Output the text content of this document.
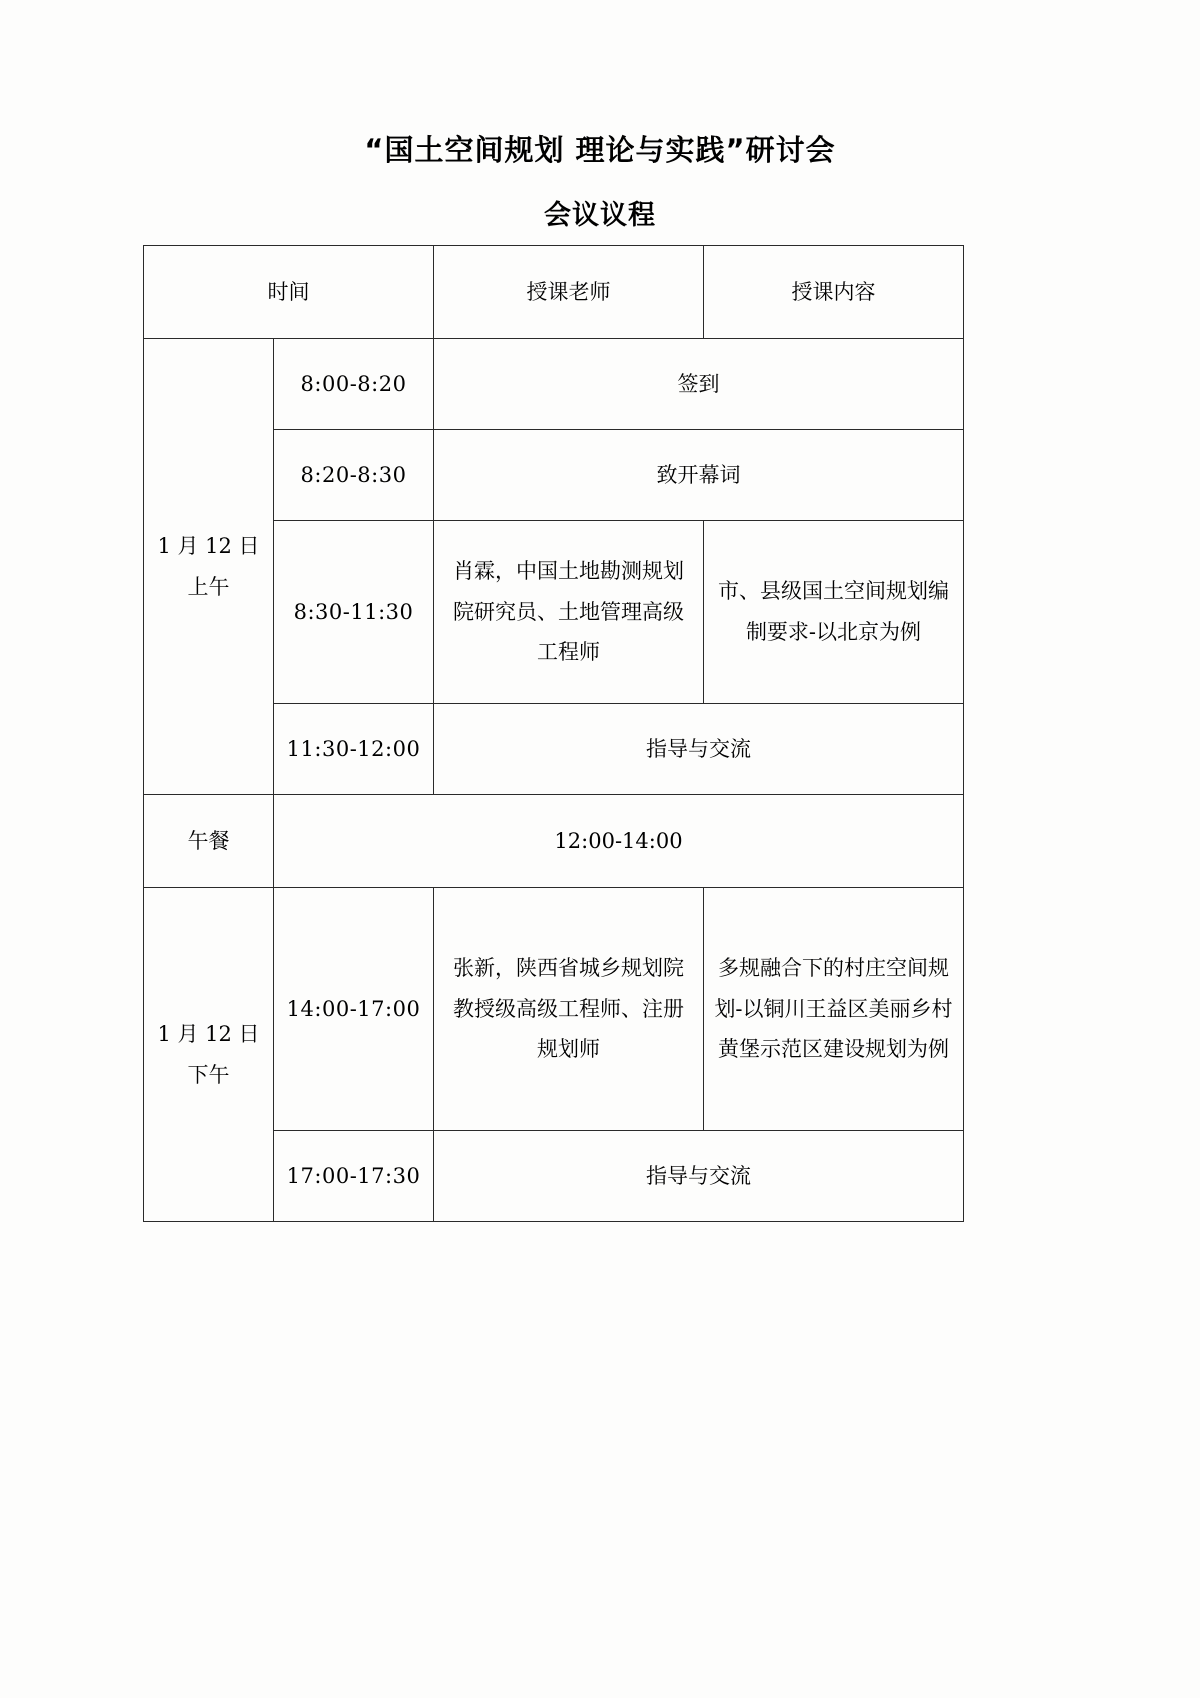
“国土空间规划 理论与实践”研讨会
会议议程
时间		授课老师	授课内容

1 月 12 日
上午	8:00-8:20	签到	
	8:20-8:30	致开幕词	
	8:30-11:30	肖霖，中国土地勘测规划院研究员、土地管理高级工程师	市、县级国土空间规划编制要求-以北京为例
	11:30-12:00	指导与交流	
午餐	12:00-14:00		

1 月 12 日
下午	14:00-17:00	张新，陕西省城乡规划院教授级高级工程师、注册规划师	多规融合下的村庄空间规划-以铜川王益区美丽乡村黄堡示范区建设规划为例
	17:00-17:30	指导与交流	
